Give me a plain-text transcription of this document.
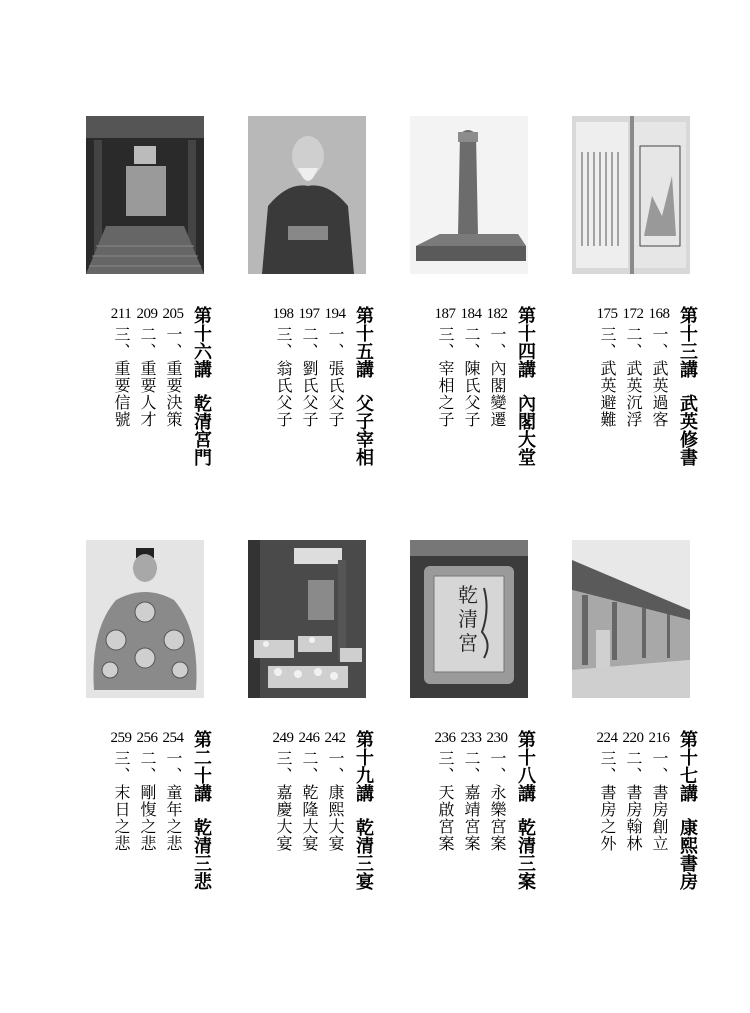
第十三講
武英修書
168
一、武英過客
172
二、武英沉浮
175
三、武英避難
第十四講
內閣大堂
182
一、內閣變遷
184
二、陳氏父子
187
三、宰相之子
第十五講
父子宰相
194
一、張氏父子
197
二、劉氏父子
198
三、翁氏父子
第十六講
乾清宮門
205
一、重要決策
209
二、重要人才
211
三、重要信號
第十七講
康熙書房
216
一、書房創立
220
二、書房翰林
224
三、書房之外
乾
清
宮
第十八講
乾清三案
230
一、永樂宮案
233
二、嘉靖宮案
236
三、天啟宮案
第十九講
乾清三宴
242
一、康熙大宴
246
二、乾隆大宴
249
三、嘉慶大宴
第二十講
乾清三悲
254
一、童年之悲
256
二、剛愎之悲
259
三、末日之悲
